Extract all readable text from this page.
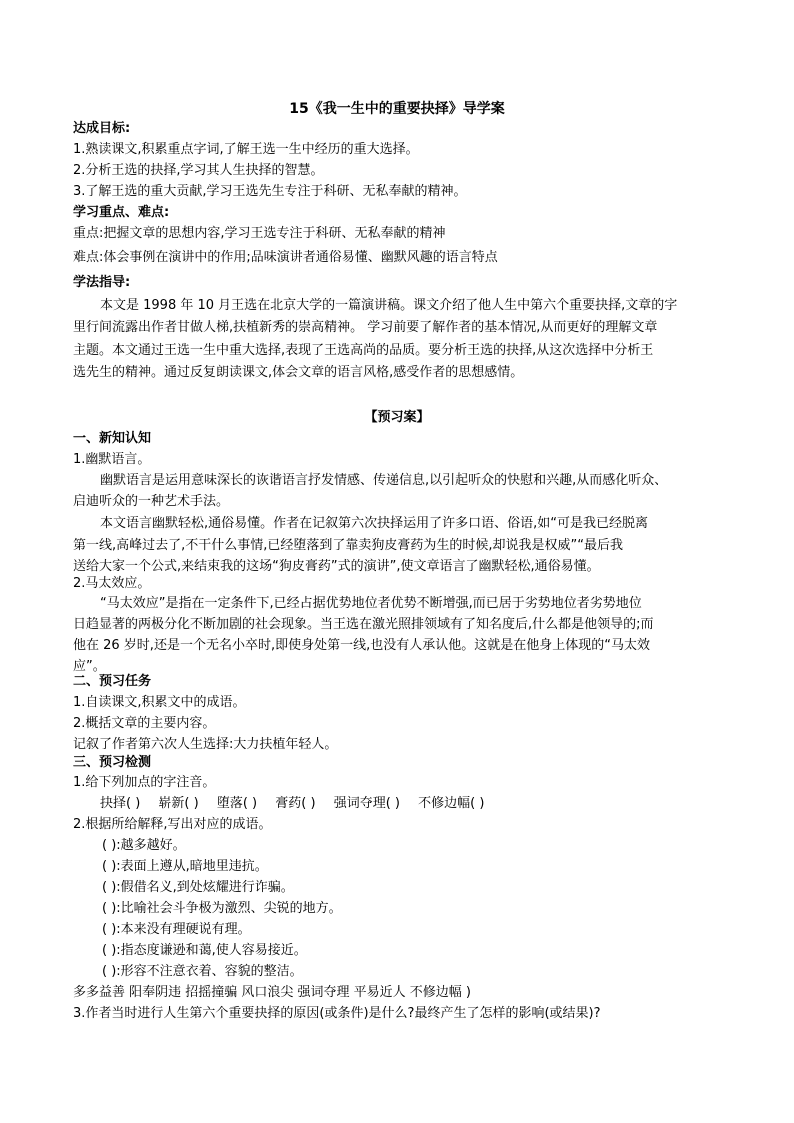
15《我一生中的重要抉择》导学案
达成目标:
1.熟读课文,积累重点字词,了解王选一生中经历的重大选择。
2.分析王选的抉择,学习其人生抉择的智慧。
3.了解王选的重大贡献,学习王选先生专注于科研、无私奉献的精神。
学习重点、难点:
重点:把握文章的思想内容,学习王选专注于科研、无私奉献的精神
难点:体会事例在演讲中的作用;品味演讲者通俗易懂、幽默风趣的语言特点
学法指导:
本文是 1998 年 10 月王选在北京大学的一篇演讲稿。课文介绍了他人生中第六个重要抉择,文章的字
里行间流露出作者甘做人梯,扶植新秀的崇高精神。 学习前要了解作者的基本情况,从而更好的理解文章
主题。本文通过王选一生中重大选择,表现了王选高尚的品质。要分析王选的抉择,从这次选择中分析王
选先生的精神。通过反复朗读课文,体会文章的语言风格,感受作者的思想感情。
【预习案】
一、新知认知
1.幽默语言。
幽默语言是运用意味深长的诙谐语言抒发情感、传递信息,以引起听众的快慰和兴趣,从而感化听众、
启迪听众的一种艺术手法。
本文语言幽默轻松,通俗易懂。作者在记叙第六次抉择运用了许多口语、俗语,如“可是我已经脱离
第一线,高峰过去了,不干什么事情,已经堕落到了靠卖狗皮膏药为生的时候,却说我是权威”“最后我
送给大家一个公式,来结束我的这场“狗皮膏药”式的演讲”,使文章语言了幽默轻松,通俗易懂。
2.马太效应。
“马太效应”是指在一定条件下,已经占据优势地位者优势不断增强,而已居于劣势地位者劣势地位
日趋显著的两极分化不断加剧的社会现象。当王选在激光照排领域有了知名度后,什么都是他领导的;而
他在 26 岁时,还是一个无名小卒时,即使身处第一线,也没有人承认他。这就是在他身上体现的“马太效
应”。
二、预习任务
1.自读课文,积累文中的成语。
2.概括文章的主要内容。
记叙了作者第六次人生选择:大力扶植年轻人。
三、预习检测
1.给下列加点的字注音。
抉择( ) 崭新( ) 堕落( ) 膏药( ) 强词夺理( ) 不修边幅( )
2.根据所给解释,写出对应的成语。
( ):越多越好。
( ):表面上遵从,暗地里违抗。
( ):假借名义,到处炫耀进行诈骗。
( ):比喻社会斗争极为激烈、尖锐的地方。
( ):本来没有理硬说有理。
( ):指态度谦逊和蔼,使人容易接近。
( ):形容不注意衣着、容貌的整洁。
多多益善 阳奉阴违 招摇撞骗 风口浪尖 强词夺理 平易近人 不修边幅 )
3.作者当时进行人生第六个重要抉择的原因(或条件)是什么?最终产生了怎样的影响(或结果)?
